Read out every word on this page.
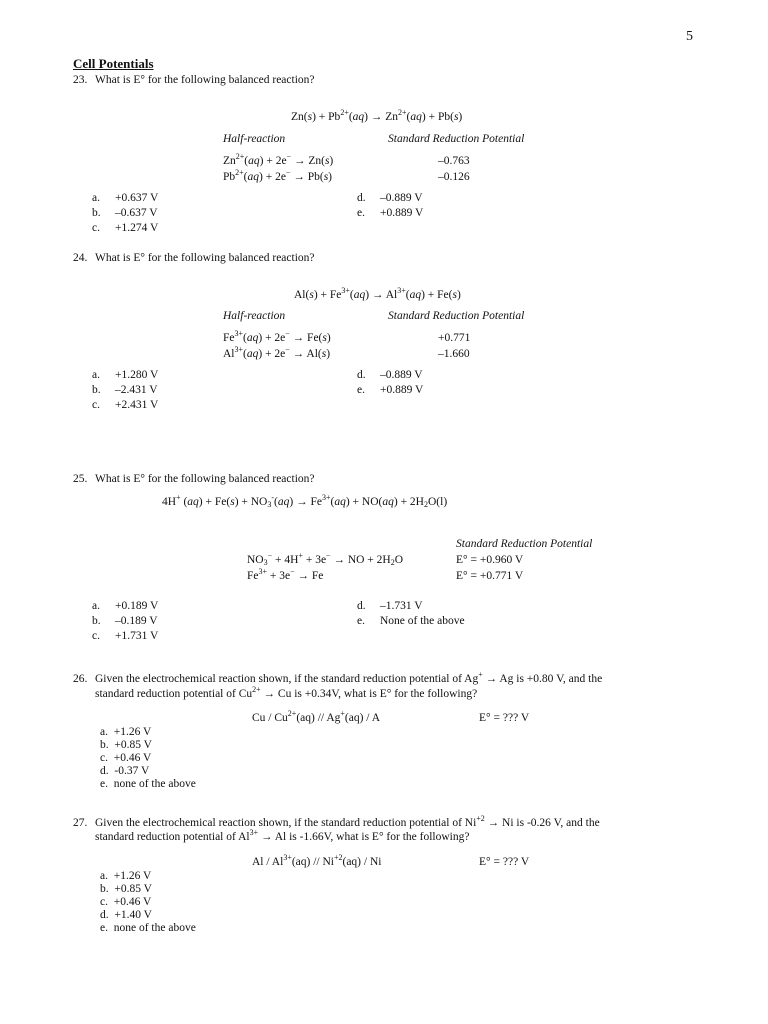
5
Cell Potentials
23. What is E° for the following balanced reaction?
$Zn(s) + Pb^{2+}(aq) \to Zn^{2+}(aq) + Pb(s)$
Half-reaction	Standard Reduction Potential
$Zn^{2+}(aq) + 2e^- \to Zn(s)$	–0.763
$Pb^{2+}(aq) + 2e^- \to Pb(s)$	–0.126
a. +0.637 V
b. –0.637 V
c. +1.274 V
d. –0.889 V
e. +0.889 V
24. What is E° for the following balanced reaction?
$Al(s) + Fe^{3+}(aq) \to Al^{3+}(aq) + Fe(s)$
Half-reaction	Standard Reduction Potential
$Fe^{3+}(aq) + 2e^- \to Fe(s)$	+0.771
$Al^{3+}(aq) + 2e^- \to Al(s)$	–1.660
a. +1.280 V
b. –2.431 V
c. +2.431 V
d. –0.889 V
e. +0.889 V
25. What is E° for the following balanced reaction?
4H+ $(aq) + Fe(s) + NO_3^-(aq) \to Fe^{3+}(aq) + NO(aq) + 2H_2O(l)$
Standard Reduction Potential
$NO_3^- + 4H^+ + 3e^-$ → NO + $2H_2O$	E° = +0.960 V
$Fe^{3+} + 3e^- \to Fe$	E° = +0.771 V
a. +0.189 V
b. –0.189 V
c. +1.731 V
d. –1.731 V
e. None of the above
26. Given the electrochemical reaction shown, if the standard reduction potential of Ag+ → Ag is +0.80 V, and the
standard reduction potential of $Cu^{2+} \to Cu$ is +0.34V, what is E° for the following?
Cu / $Cu^{2+}(aq) // Ag^+(aq)$ / A	E° = ??? V
a. +1.26 V
b. +0.85 V
c. +0.46 V
d. -0.37 V
e. none of the above
27. Given the electrochemical reaction shown, if the standard reduction potential of $Ni^{+2} \to Ni$ is -0.26 V, and the
standard reduction potential of $Al^{3+} \to Al$ is -1.66V, what is E° for the following?
Al / $Al^{3+}(aq) // Ni^{+2}(aq)$ / Ni	E° = ??? V
a. +1.26 V
b. +0.85 V
c. +0.46 V
d. +1.40 V
e. none of the above
